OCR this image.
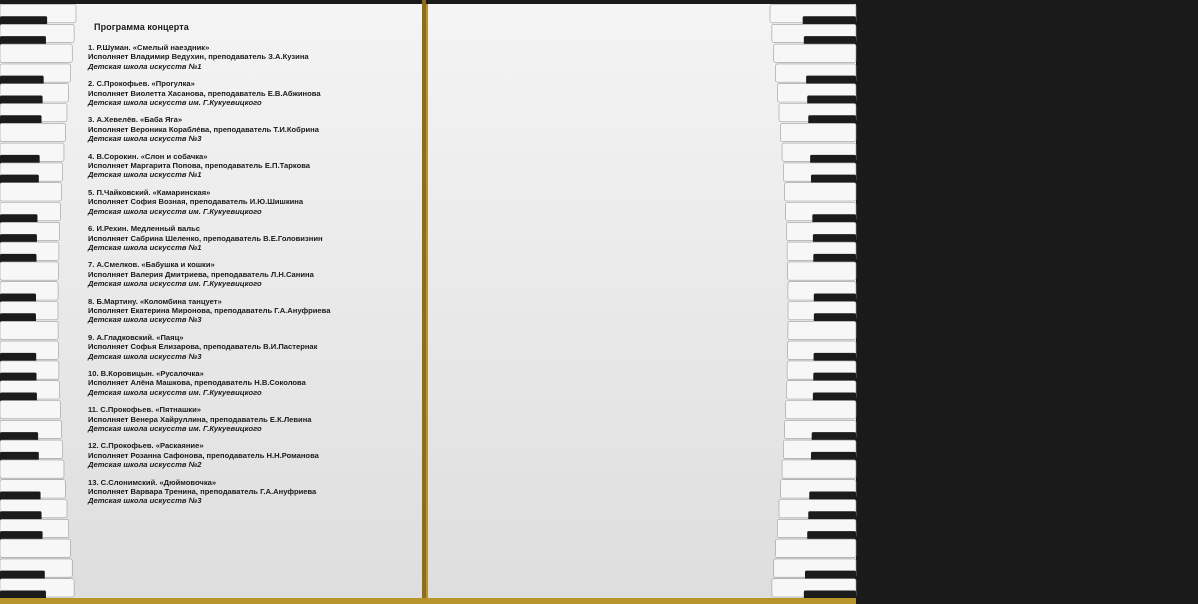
Программа концерта
1. Р.Шуман. «Смелый наездник»
Исполняет Владимир Ведухин, преподаватель З.А.Кузина
Детская школа искусств №1
2. С.Прокофьев. «Прогулка»
Исполняет Виолетта Хасанова, преподаватель Е.В.Абжинова
Детская школа искусств им. Г.Кукуевицкого
3. А.Хевелёв. «Баба Яга»
Исполняет Вероника Корабле́ва, преподаватель Т.И.Кобрина
Детская школа искусств №3
4. В.Сорокин. «Слон и собачка»
Исполняет Маргарита Попова, преподаватель Е.П.Таркова
Детская школа искусств №1
5. П.Чайковский. «Камаринская»
Исполняет София Возная, преподаватель И.Ю.Шишкина
Детская школа искусств им. Г.Кукуевицкого
6. И.Рехин. Медленный вальс
Исполняет Сабрина Шеленко, преподаватель В.Е.Головизнин
Детская школа искусств №1
7. А.Смелков. «Бабушка и кошки»
Исполняет Валерия Дмитриева, преподаватель Л.Н.Санина
Детская школа искусств им. Г.Кукуевицкого
8. Б.Мартину. «Коломбина танцует»
Исполняет Екатерина Миронова, преподаватель Г.А.Ануфриева
Детская школа искусств №3
9. А.Гладковский. «Паяц»
Исполняет Софья Елизарова, преподаватель В.И.Пастернак
Детская школа искусств №3
10. В.Коровицын. «Русалочка»
Исполняет Алёна Машкова, преподаватель Н.В.Соколова
Детская школа искусств им. Г.Кукуевицкого
11. С.Прокофьев. «Пятнашки»
Исполняет Венера Хайруллина, преподаватель Е.К.Левина
Детская школа искусств им. Г.Кукуевицкого
12. С.Прокофьев. «Раскаяние»
Исполняет Розанна Сафонова, преподаватель Н.Н.Романова
Детская школа искусств №2
13. С.Слонимский. «Дюймовочка»
Исполняет Варвара Тренина, преподаватель Г.А.Ануфриева
Детская школа искусств №3
14. В.Ребиков. «Наивный рассказ»
Исполняет Екатерина Ефимова, преподаватель С.А.Артамонова
Детская школа искусств № 1
15. В.Ребиков. Вальс
Исполняет Александр Киллер, преподаватель З.А.Кузина
Детская школа искусств № 1
16. А.Бызов. «Наперегонки»
Исполняет Екатерина Шаргунова, преподаватель Е.А.Глазунова
Сургутский колледж русской культуры им. А.С.Знаменского
17. Н.Гржибовский. «Новелла»
Исполняет Айгуль Сафина, преподаватель В.И.Пастернак
Детская школа искусств №3
18. Р.Щедрин. «Юмореска»
Исполняет Ксения Луканова, преподаватель заслуженный деятель
культуры ХМАО – Югры И.В.Буканина
Детская школа искусств им. Г.Кукуевицкого
19. Р.Щедрин. «Русские трезвоны»
Исполняет Игорь Голдобин, преподаватель заслуженный деятель
культуры ХМАО – Югры И.В.Буканина
Детская школа искусств им. Г.Кукуевицкого
20. Э.Григ. «Весной»
Исполняет Мария Петрова, преподаватель заслуженный деятель
культуры ХМАО – Югры И.В.Буканина
Детская школа искусств им. Г.Кукуевицкого
21. Ф.Шопен. Ноктюрн до диез минор
Исполняет Александра Сантоpo, преподаватель заслуженный деятель
культуры ХМАО – Югры И.В.Буканина
Детская школа искусств им. Г.Кукуевицкого
22. П.Чайковский. «Охота» (сентябрь) из цикла «Времена года»
Исполняет Анастасия Бучнева, преподаватель заслуженный деятель
культуры ХМАО – Югры И.В.Буканина
Детская школа искусств им. Г.Кукуевицкого
23. П.Чайковский. «Осенняя песня» (октябрь) из цикла «Времена года»
Исполняет Владимир Коленченко, преподаватель В.Е.Головизнин
Детская школа искусств №1
24. А.Хачатурян. Токката ми бемоль минор
Исполняет Анастасия Рукавишникова, преподаватель Л.Б.Ростовская
Детская школа искусств №3
